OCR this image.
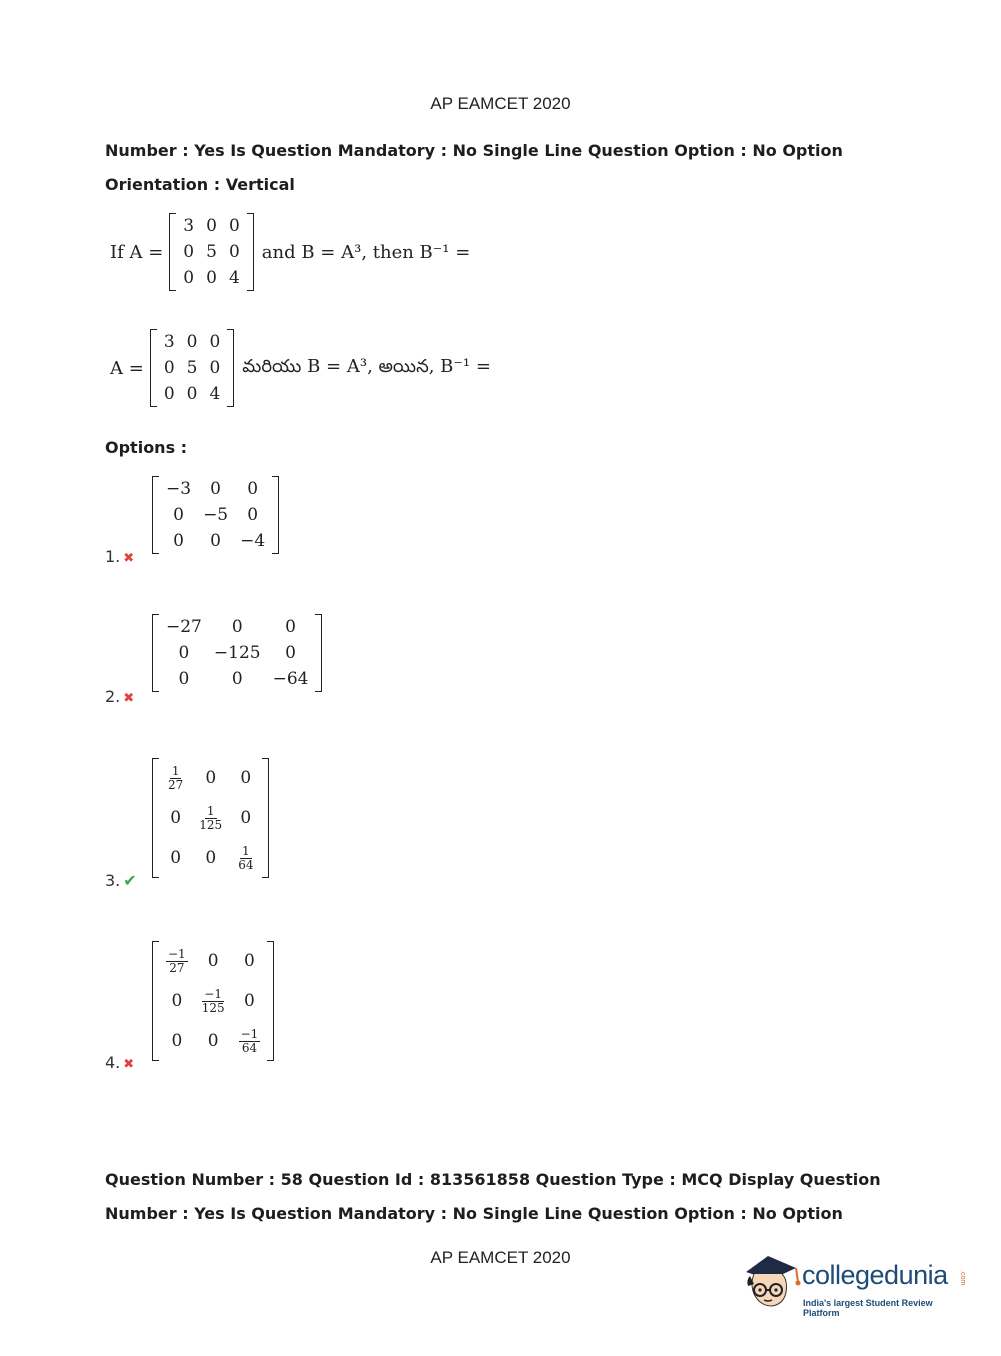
AP EAMCET 2020
Number : Yes Is Question Mandatory : No Single Line Question Option : No Option
Orientation : Vertical
If A =
3	0	0
0	5	0
0	0	4
and B = A³, then B⁻¹ =
A =
3	0	0
0	5	0
0	0	4
మరియు B = A³, అయిన, B⁻¹ =
Options :
−3	0	0
0	−5	0
0	0	−4
1. ✖
−27	0	0
0	−125	0
0	0	−64
2. ✖
$\frac{1}{27}$	0	0
0	$\frac{1}{125}$	0
0	0	$\frac{1}{64}$
3. ✔
$\frac{-1}{27}$	0	0
0	$\frac{-1}{125}$	0
0	0	$\frac{-1}{64}$
4. ✖
Question Number : 58 Question Id : 813561858 Question Type : MCQ Display Question
Number : Yes Is Question Mandatory : No Single Line Question Option : No Option
AP EAMCET 2020
collegedunia .com
India's largest Student Review Platform
